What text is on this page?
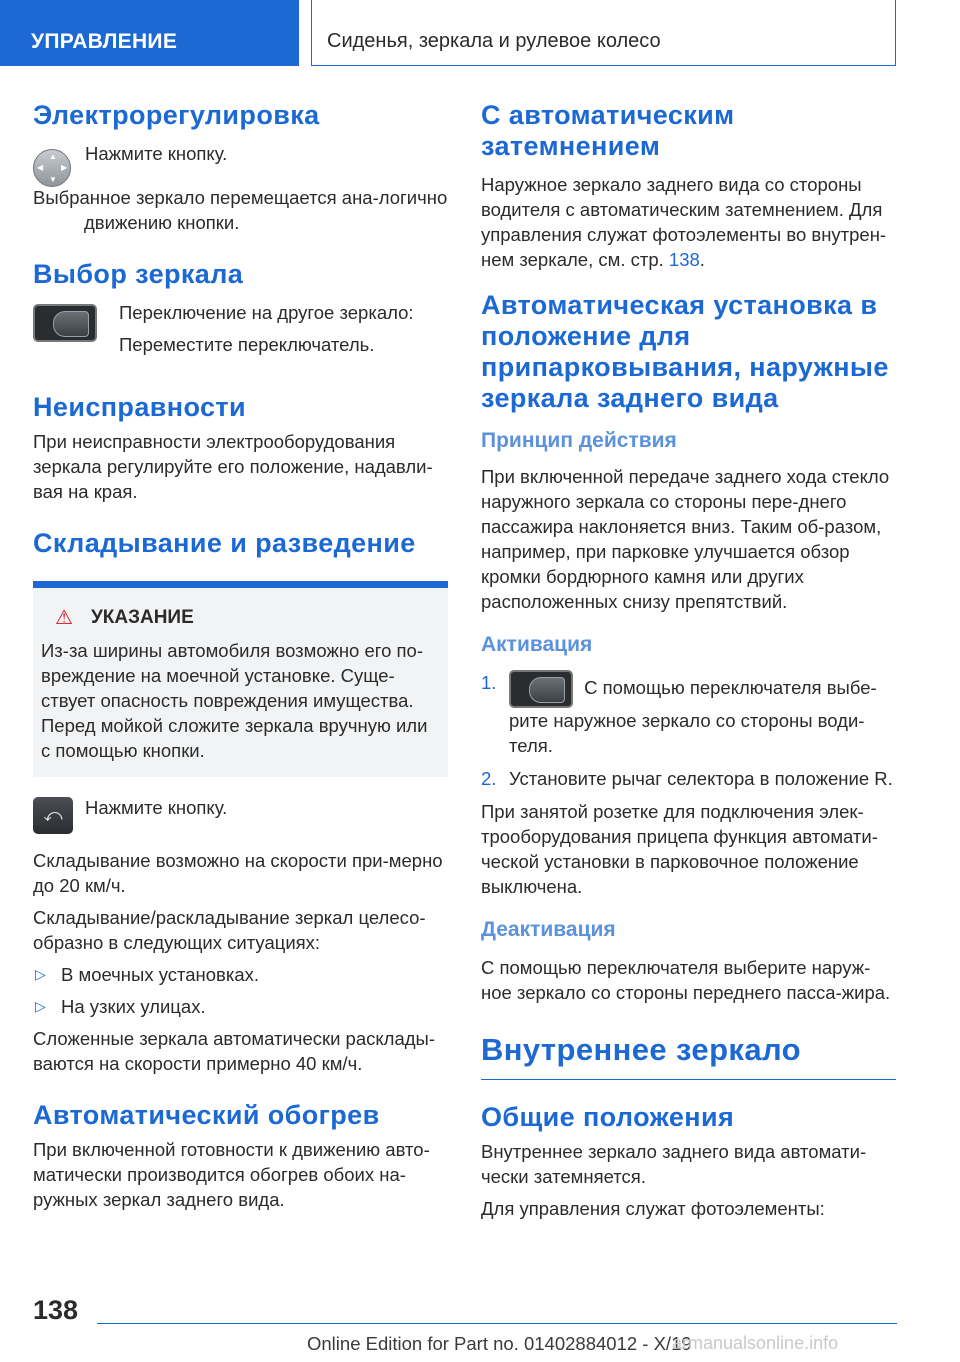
УПРАВЛЕНИЕ	Сиденья, зеркала и рулевое колесо
Электрорегулировка
▲
▼
◀ ▶

Нажмите кнопку.

Выбранное зеркало перемещается ана-логично движению кнопки.

Выбор зеркала

Переключение на другое зеркало:

Переместите переключатель.

Неисправности

При неисправности электрооборудования зеркала регулируйте его положение, надавли-вая на края.

Складывание и разведение
⚠ УКАЗАНИЕ

Из-за ширины автомобиля возможно его по-вреждение на моечной установке. Суще-ствует опасность повреждения имущества. Перед мойкой сложите зеркала вручную или с помощью кнопки.

⤺	Нажмите кнопку.

Складывание возможно на скорости при-мерно до 20 км/ч.

Складывание/раскладывание зеркал целесо-образно в следующих ситуациях:

▷ В моечных установках.
▷ На узких улицах.

Сложенные зеркала автоматически расклады-ваются на скорости примерно 40 км/ч.

Автоматический обогрев

При включенной готовности к движению авто-матически производится обогрев обоих на-ружных зеркал заднего вида.

С автоматическим затемнением

Наружное зеркало заднего вида со стороны водителя с автоматическим затемнением. Для управления служат фотоэлементы во внутрен-нем зеркале, см. стр. 138.

Автоматическая установка в положение для припарковывания, наружные зеркала заднего вида
Принцип действия

При включенной передаче заднего хода стекло наружного зеркала со стороны пере-днего пассажира наклоняется вниз. Таким об-разом, например, при парковке улучшается обзор кромки бордюрного камня или других расположенных снизу препятствий.

Активация
1.	С помощью переключателя выбе-рите наружное зеркало со стороны води-теля.
2. Установите рычаг селектора в положение R.

При занятой розетке для подключения элек-трооборудования прицепа функция автомати-ческой установки в парковочное положение выключена.

Деактивация

С помощью переключателя выберите наруж-ное зеркало со стороны переднего пасса-жира.

Внутреннее зеркало
Общие положения

Внутреннее зеркало заднего вида автомати-чески затемняется.

Для управления служат фотоэлементы:

138
Online Edition for Part no. 01402884012 - X/19
armanualsonline.info
